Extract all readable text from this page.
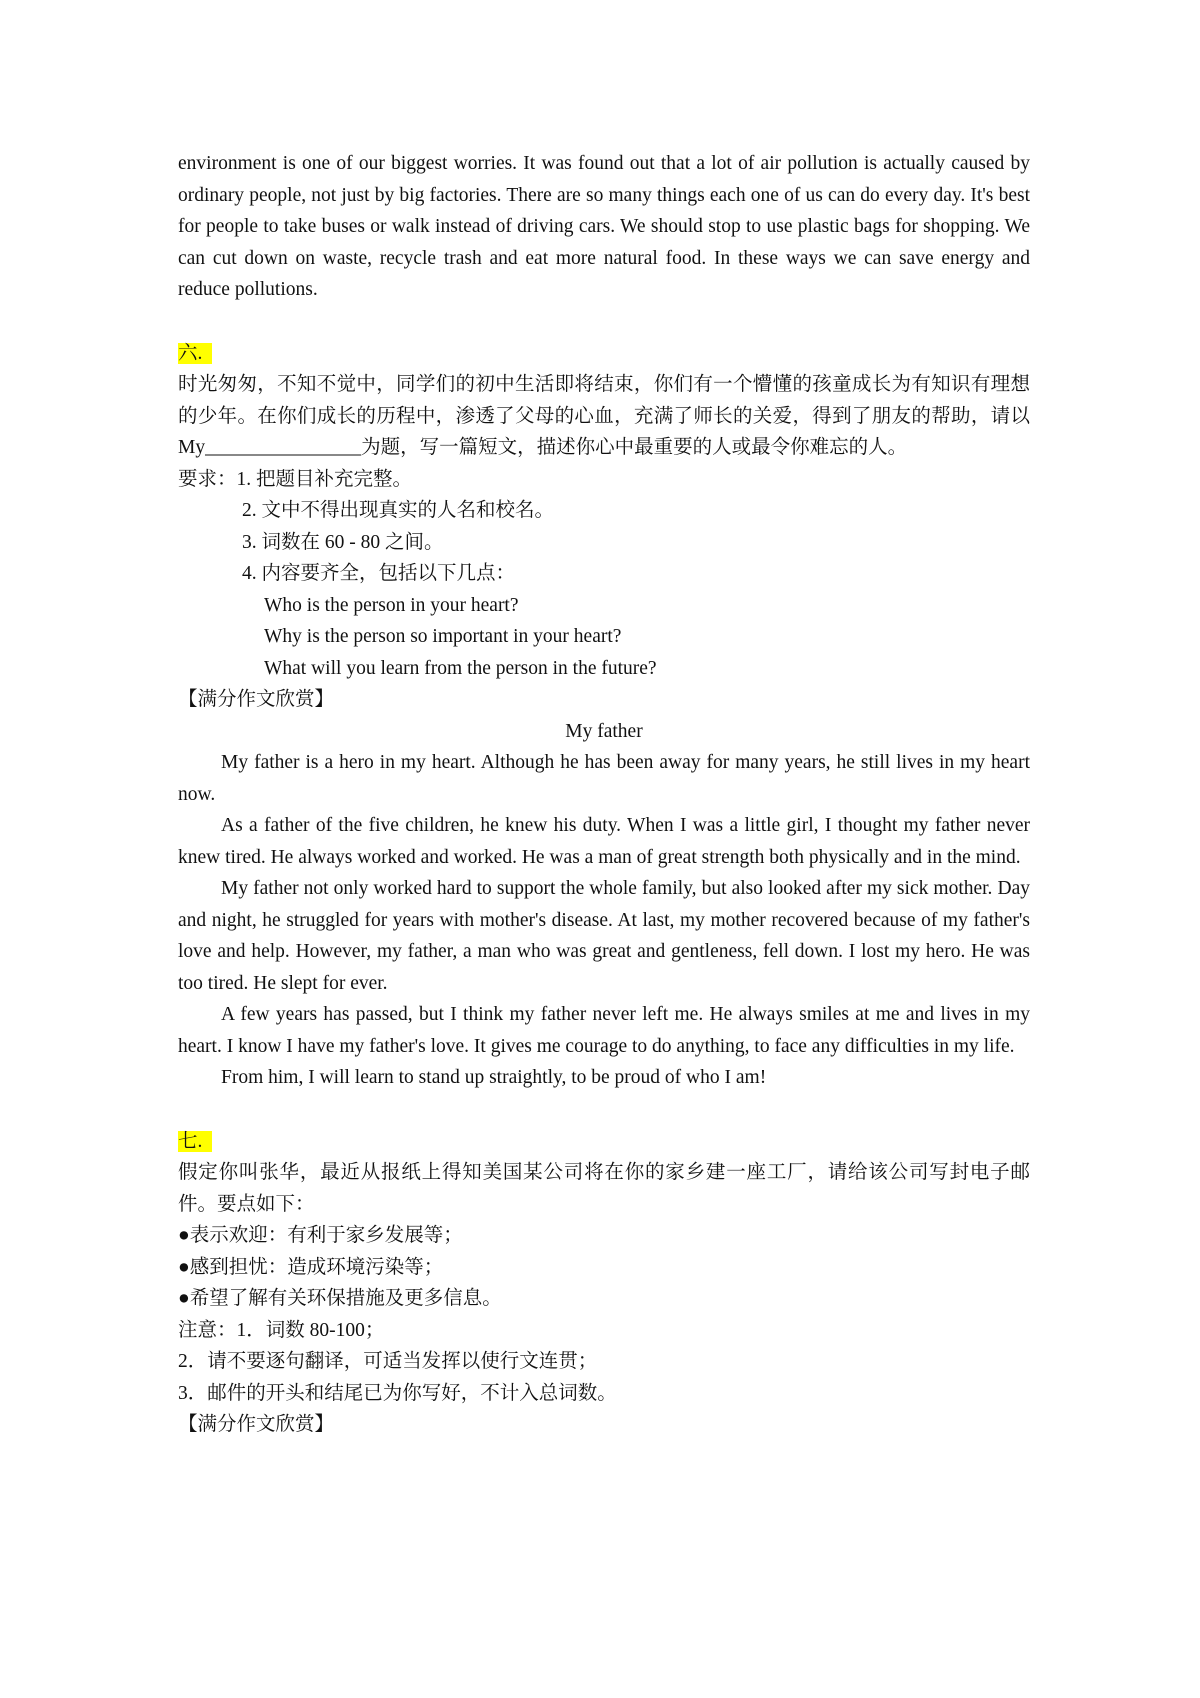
environment is one of our biggest worries. It was found out that a lot of air pollution is actually caused by ordinary people, not just by big factories. There are so many things each one of us can do every day. It's best for people to take buses or walk instead of driving cars. We should stop to use plastic bags for shopping. We can cut down on waste, recycle trash and eat more natural food. In these ways we can save energy and reduce pollutions.
六.
时光匆匆，不知不觉中，同学们的初中生活即将结束，你们有一个懵懂的孩童成长为有知识有理想的少年。在你们成长的历程中，渗透了父母的心血，充满了师长的关爱，得到了朋友的帮助，请以 My________________为题，写一篇短文，描述你心中最重要的人或最令你难忘的人。
要求：1. 把题目补充完整。
2. 文中不得出现真实的人名和校名。
3. 词数在 60 - 80 之间。
4. 内容要齐全，包括以下几点：
Who is the person in your heart?
Why is the person so important in your heart?
What will you learn from the person in the future?
【满分作文欣赏】
My father
My father is a hero in my heart. Although he has been away for many years, he still lives in my heart now.
As a father of the five children, he knew his duty. When I was a little girl, I thought my father never knew tired. He always worked and worked. He was a man of great strength both physically and in the mind.
My father not only worked hard to support the whole family, but also looked after my sick mother. Day and night, he struggled for years with mother's disease. At last, my mother recovered because of my father's love and help. However, my father, a man who was great and gentleness, fell down. I lost my hero. He was too tired. He slept for ever.
A few years has passed, but I think my father never left me. He always smiles at me and lives in my heart. I know I have my father's love. It gives me courage to do anything, to face any difficulties in my life.
From him, I will learn to stand up straightly, to be proud of who I am!
七.
假定你叫张华，最近从报纸上得知美国某公司将在你的家乡建一座工厂，请给该公司写封电子邮件。要点如下：
●表示欢迎：有利于家乡发展等；
●感到担忧：造成环境污染等；
●希望了解有关环保措施及更多信息。
注意：1．词数 80-100；
2．请不要逐句翻译，可适当发挥以使行文连贯；
3．邮件的开头和结尾已为你写好，不计入总词数。
【满分作文欣赏】
